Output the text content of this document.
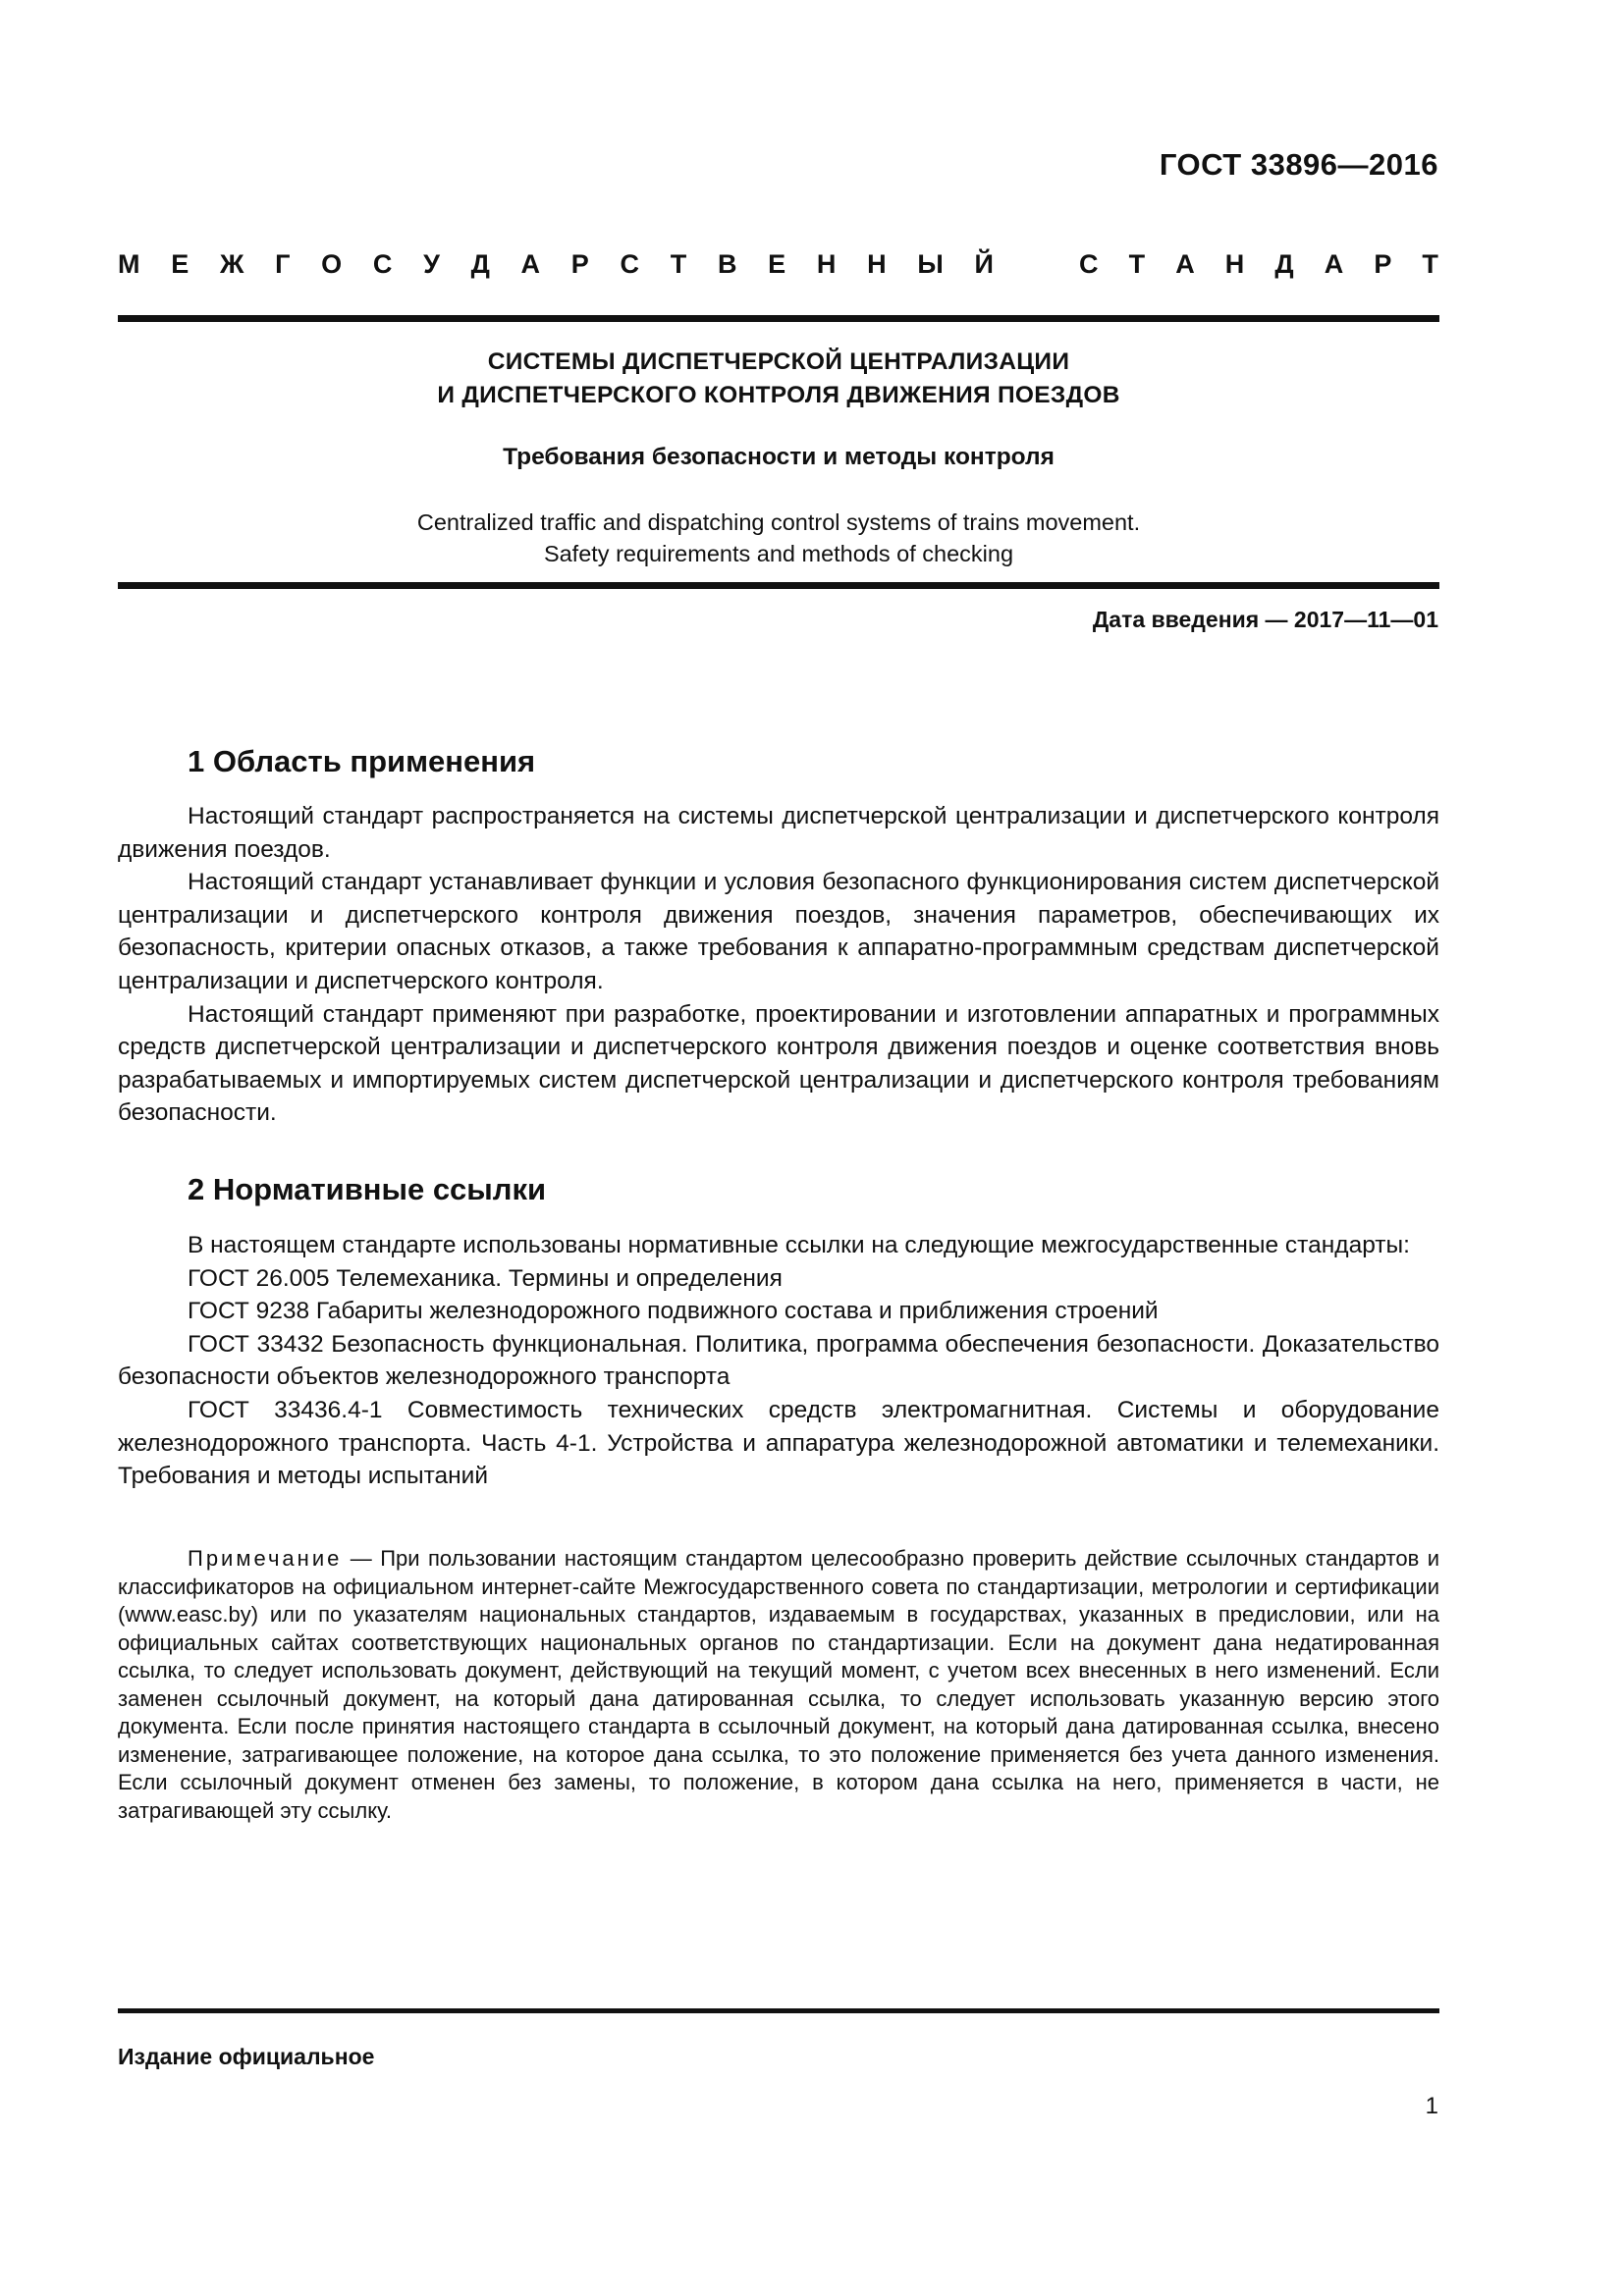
ГОСТ 33896—2016
М Е Ж Г О С У Д А Р С Т В Е Н Н Ы Й	С Т А Н Д А Р Т
СИСТЕМЫ ДИСПЕТЧЕРСКОЙ ЦЕНТРАЛИЗАЦИИ
И ДИСПЕТЧЕРСКОГО КОНТРОЛЯ ДВИЖЕНИЯ ПОЕЗДОВ
Требования безопасности и методы контроля
Centralized traffic and dispatching control systems of trains movement.
Safety requirements and methods of checking
Дата введения — 2017—11—01
1 Область применения

Настоящий стандарт распространяется на системы диспетчерской централизации и диспетчерского контроля движения поездов.

Настоящий стандарт устанавливает функции и условия безопасного функционирования систем диспетчерской централизации и диспетчерского контроля движения поездов, значения параметров, обеспечивающих их безопасность, критерии опасных отказов, а также требования к аппаратно-программным средствам диспетчерской централизации и диспетчерского контроля.

Настоящий стандарт применяют при разработке, проектировании и изготовлении аппаратных и программных средств диспетчерской централизации и диспетчерского контроля движения поездов и оценке соответствия вновь разрабатываемых и импортируемых систем диспетчерской централизации и диспетчерского контроля требованиям безопасности.

2 Нормативные ссылки

В настоящем стандарте использованы нормативные ссылки на следующие межгосударственные стандарты:

ГОСТ 26.005 Телемеханика. Термины и определения

ГОСТ 9238 Габариты железнодорожного подвижного состава и приближения строений

ГОСТ 33432 Безопасность функциональная. Политика, программа обеспечения безопасности. Доказательство безопасности объектов железнодорожного транспорта

ГОСТ 33436.4-1 Совместимость технических средств электромагнитная. Системы и оборудование железнодорожного транспорта. Часть 4-1. Устройства и аппаратура железнодорожной автоматики и телемеханики. Требования и методы испытаний

Примечание — При пользовании настоящим стандартом целесообразно проверить действие ссылочных стандартов и классификаторов на официальном интернет-сайте Межгосударственного совета по стандартизации, метрологии и сертификации (www.easc.by) или по указателям национальных стандартов, издаваемым в государствах, указанных в предисловии, или на официальных сайтах соответствующих национальных органов по стандартизации. Если на документ дана недатированная ссылка, то следует использовать документ, действующий на текущий момент, с учетом всех внесенных в него изменений. Если заменен ссылочный документ, на который дана датированная ссылка, то следует использовать указанную версию этого документа. Если после принятия настоящего стандарта в ссылочный документ, на который дана датированная ссылка, внесено изменение, затрагивающее положение, на которое дана ссылка, то это положение применяется без учета данного изменения. Если ссылочный документ отменен без замены, то положение, в котором дана ссылка на него, применяется в части, не затрагивающей эту ссылку.

Издание официальное
1
